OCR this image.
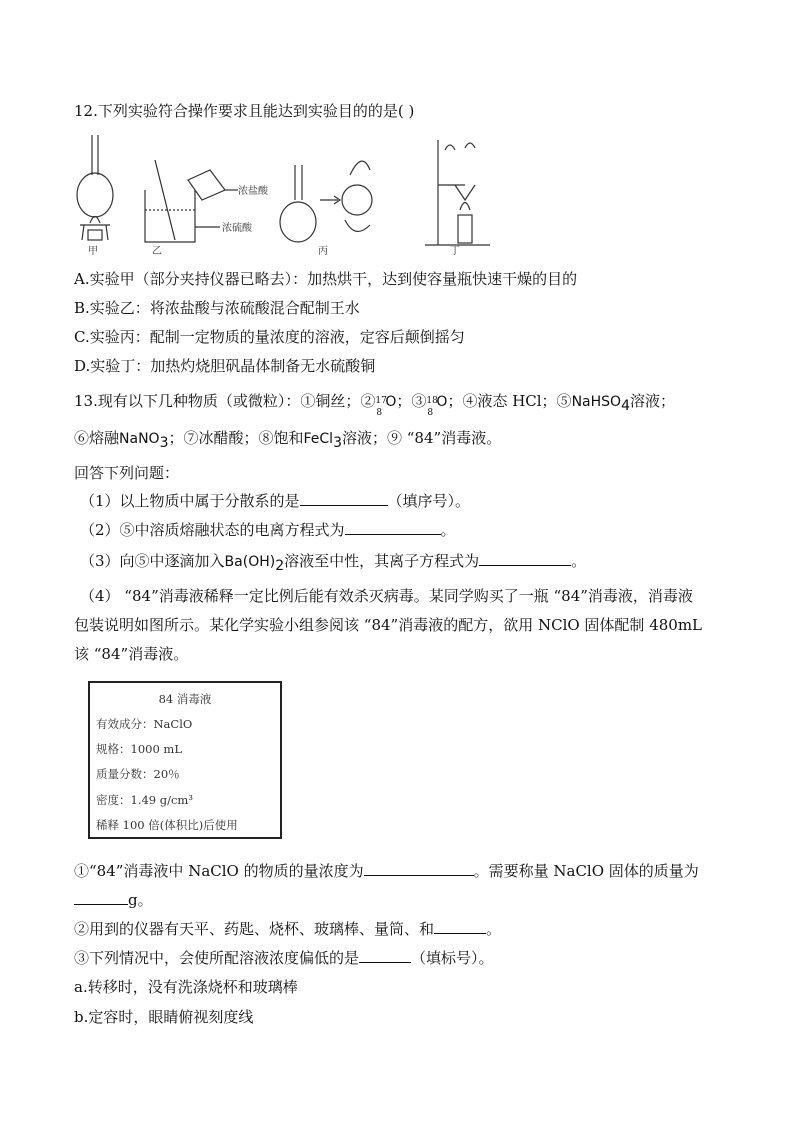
12.下列实验符合操作要求且能达到实验目的的是( )
甲	乙	丙	丁
浓盐酸
浓硫酸
A.实验甲（部分夹持仪器已略去）：加热烘干，达到使容量瓶快速干燥的目的
B.实验乙：将浓盐酸与浓硫酸混合配制王水
C.实验丙：配制一定物质的量浓度的溶液，定容后颠倒摇匀
D.实验丁：加热灼烧胆矾晶体制备无水硫酸铜
13.现有以下几种物质（或微粒）：①铜丝；② 17
8
O；③ 18
8
O；④液态 HCl；⑤NaHSO$_4$溶液；
⑥熔融NaNO$_3$；⑦冰醋酸；⑧饱和FeCl$_3$溶液；⑨ “84”消毒液。
回答下列问题：
（1）以上物质中属于分散系的是	（填序号）。
（2）⑤中溶质熔融状态的电离方程式为	。
（3）向⑤中逐滴加入$Ba(OH)_2$溶液至中性，其离子方程式为	。
（4） “84”消毒液稀释一定比例后能有效杀灭病毒。某同学购买了一瓶 “84”消毒液，消毒液
包装说明如图所示。某化学实验小组参阅该 “84”消毒液的配方，欲用 NClO 固体配制 480mL
该 “84”消毒液。
84 消毒液
有效成分：NaClO
规格：1000 mL
质量分数：20％
密度：1.49 g/cm³
稀释 100 倍(体积比)后使用
①“84”消毒液中 NaClO 的物质的量浓度为	。需要称量 NaClO 固体的质量为
g。
②用到的仪器有天平、药匙、烧杯、玻璃棒、量筒、和	。
③下列情况中，会使所配溶液浓度偏低的是	（填标号）。
a.转移时，没有洗涤烧杯和玻璃棒
b.定容时，眼睛俯视刻度线
